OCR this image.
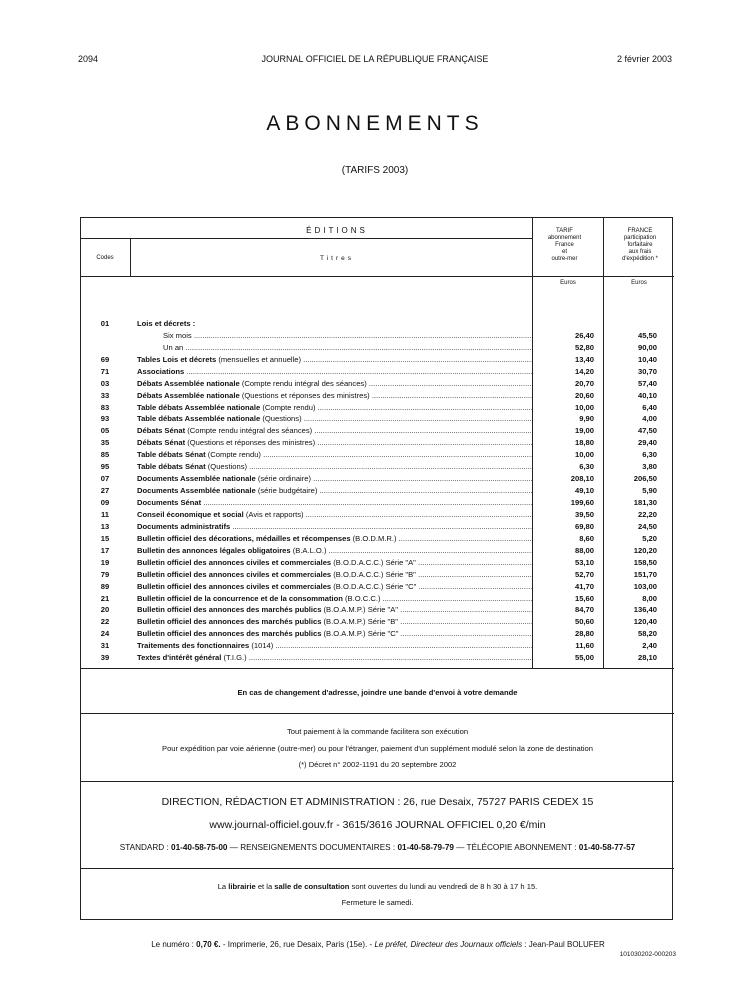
JOURNAL OFFICIEL DE LA RÉPUBLIQUE FRANÇAISE
2094	2 février 2003
ABONNEMENTS
(TARIFS 2003)
ÉDITIONS
Codes	Titres
TARIF
abonnement
France
et
outre-mer
FRANCE
participation
forfaitaire
aux frais
d'expédition *
Euros	Euros
01	Lois et décrets :
Six mois .....	26,40	45,50
Un an .....	52,80	90,00
69	Tables Lois et décrets (mensuelles et annuelle) .....	13,40	10,40
71	Associations .....	14,20	30,70
03	Débats Assemblée nationale (Compte rendu intégral des séances) .....	20,70	57,40
33	Débats Assemblée nationale (Questions et réponses des ministres) .....	20,60	40,10
83	Table débats Assemblée nationale (Compte rendu) .....	10,00	6,40
93	Table débats Assemblée nationale (Questions) .....	9,90	4,00
05	Débats Sénat (Compte rendu intégral des séances) .....	19,00	47,50
35	Débats Sénat (Questions et réponses des ministres) .....	18,80	29,40
85	Table débats Sénat (Compte rendu) .....	10,00	6,30
95	Table débats Sénat (Questions) .....	6,30	3,80
07	Documents Assemblée nationale (série ordinaire) .....	208,10	206,50
27	Documents Assemblée nationale (série budgétaire) .....	49,10	5,90
09	Documents Sénat .....	199,60	181,30
11	Conseil économique et social (Avis et rapports) .....	39,50	22,20
13	Documents administratifs .....	69,80	24,50
15	Bulletin officiel des décorations, médailles et récompenses (B.O.D.M.R.) .....	8,60	5,20
17	Bulletin des annonces légales obligatoires (B.A.L.O.) .....	88,00	120,20
19	Bulletin officiel des annonces civiles et commerciales (B.O.D.A.C.C.) Série "A" .....	53,10	158,50
79	Bulletin officiel des annonces civiles et commerciales (B.O.D.A.C.C.) Série "B" .....	52,70	151,70
89	Bulletin officiel des annonces civiles et commerciales (B.O.D.A.C.C.) Série "C" .....	41,70	103,00
21	Bulletin officiel de la concurrence et de la consommation (B.O.C.C.) .....	15,60	8,00
20	Bulletin officiel des annonces des marchés publics (B.O.A.M.P.) Série "A" .....	84,70	136,40
22	Bulletin officiel des annonces des marchés publics (B.O.A.M.P.) Série "B" .....	50,60	120,40
24	Bulletin officiel des annonces des marchés publics (B.O.A.M.P.) Série "C" .....	28,80	58,20
31	Traitements des fonctionnaires (1014) .....	11,60	2,40
39	Textes d'intérêt général (T.I.G.) .....	55,00	28,10
En cas de changement d'adresse, joindre une bande d'envoi à votre demande
Tout paiement à la commande facilitera son exécution
Pour expédition par voie aérienne (outre-mer) ou pour l'étranger, paiement d'un supplément modulé selon la zone de destination
(*) Décret n° 2002-1191 du 20 septembre 2002
DIRECTION, RÉDACTION ET ADMINISTRATION : 26, rue Desaix, 75727 PARIS CEDEX 15
www.journal-officiel.gouv.fr - 3615/3616 JOURNAL OFFICIEL 0,20 €/min
STANDARD : 01-40-58-75-00 — RENSEIGNEMENTS DOCUMENTAIRES : 01-40-58-79-79 — TÉLÉCOPIE ABONNEMENT : 01-40-58-77-57
La librairie et la salle de consultation sont ouvertes du lundi au vendredi de 8 h 30 à 17 h 15.
Fermeture le samedi.
Le numéro : 0,70 €. - Imprimerie, 26, rue Desaix, Paris (15e). - Le préfet, Directeur des Journaux officiels : Jean-Paul BOLUFER
101030202-000203
